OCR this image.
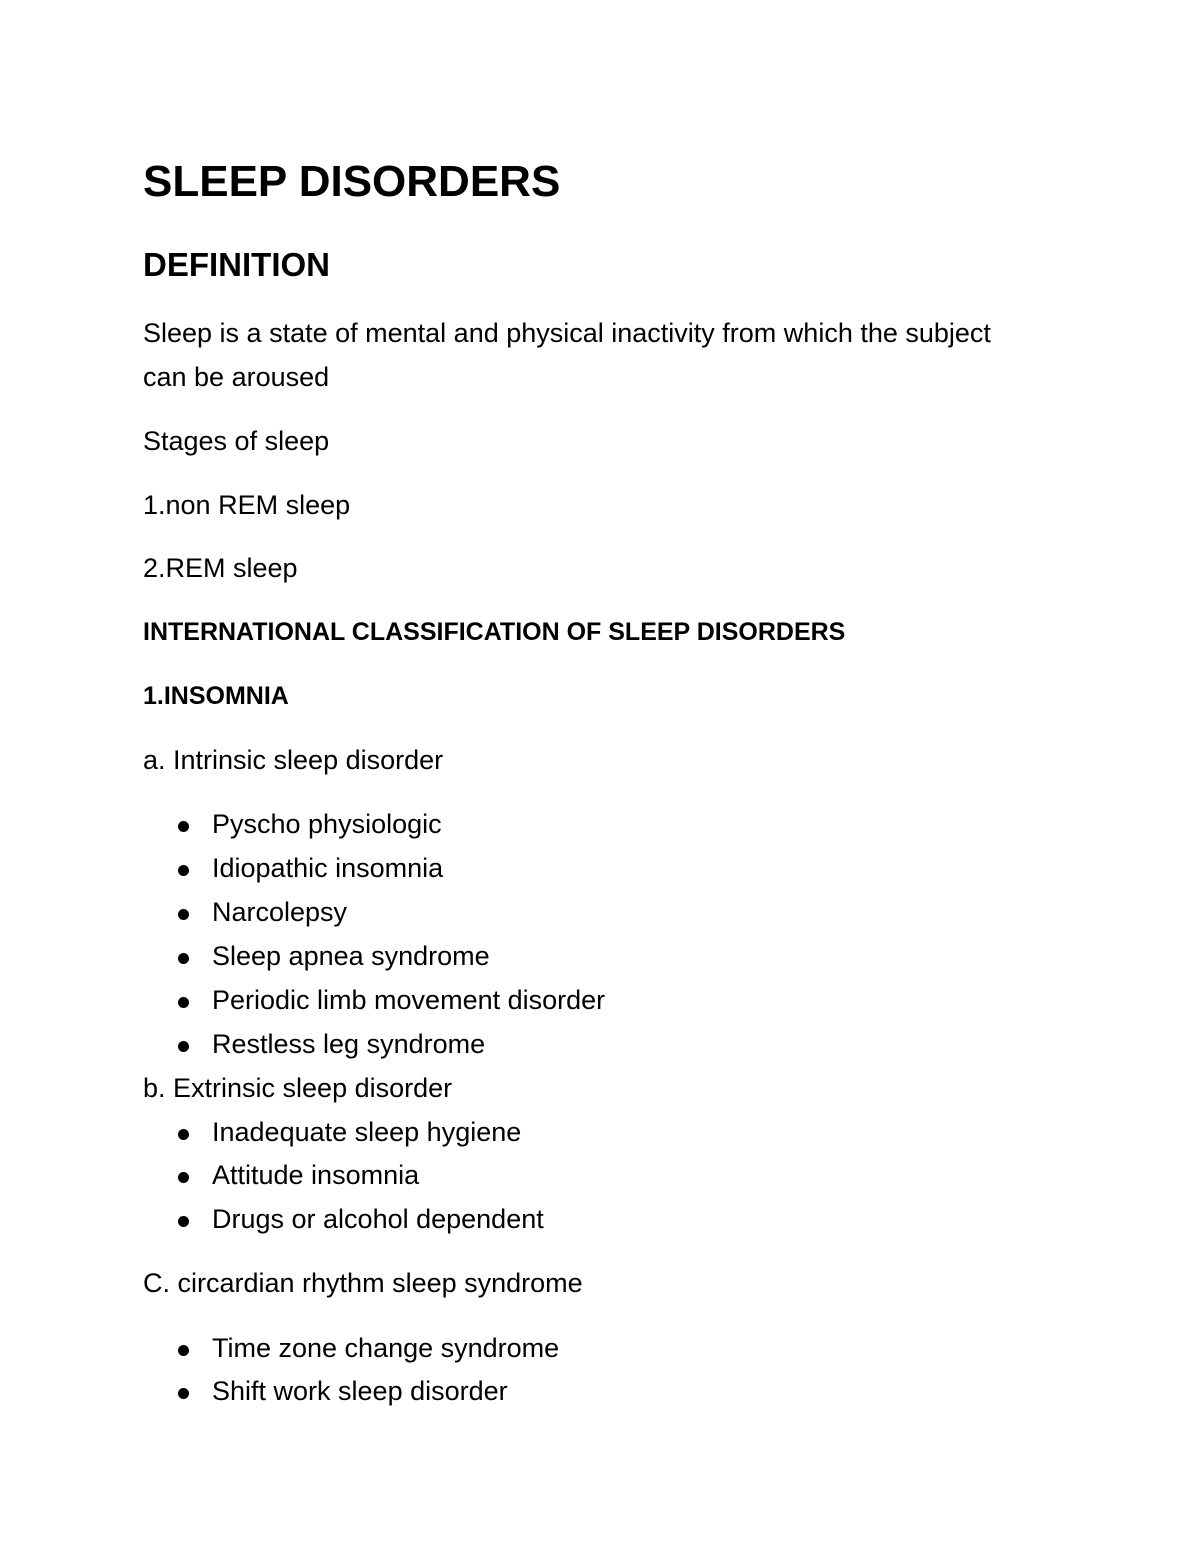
SLEEP DISORDERS
DEFINITION
Sleep is a state of mental and physical inactivity from which the subject
can be aroused
Stages of sleep
1.non REM sleep
2.REM sleep
INTERNATIONAL CLASSIFICATION OF SLEEP DISORDERS
1.INSOMNIA
a. Intrinsic sleep disorder
Pyscho physiologic
Idiopathic insomnia
Narcolepsy
Sleep apnea syndrome
Periodic limb movement disorder
Restless leg syndrome
b. Extrinsic sleep disorder
Inadequate sleep hygiene
Attitude insomnia
Drugs or alcohol dependent
C. circardian rhythm sleep syndrome
Time zone change syndrome
Shift work sleep disorder
